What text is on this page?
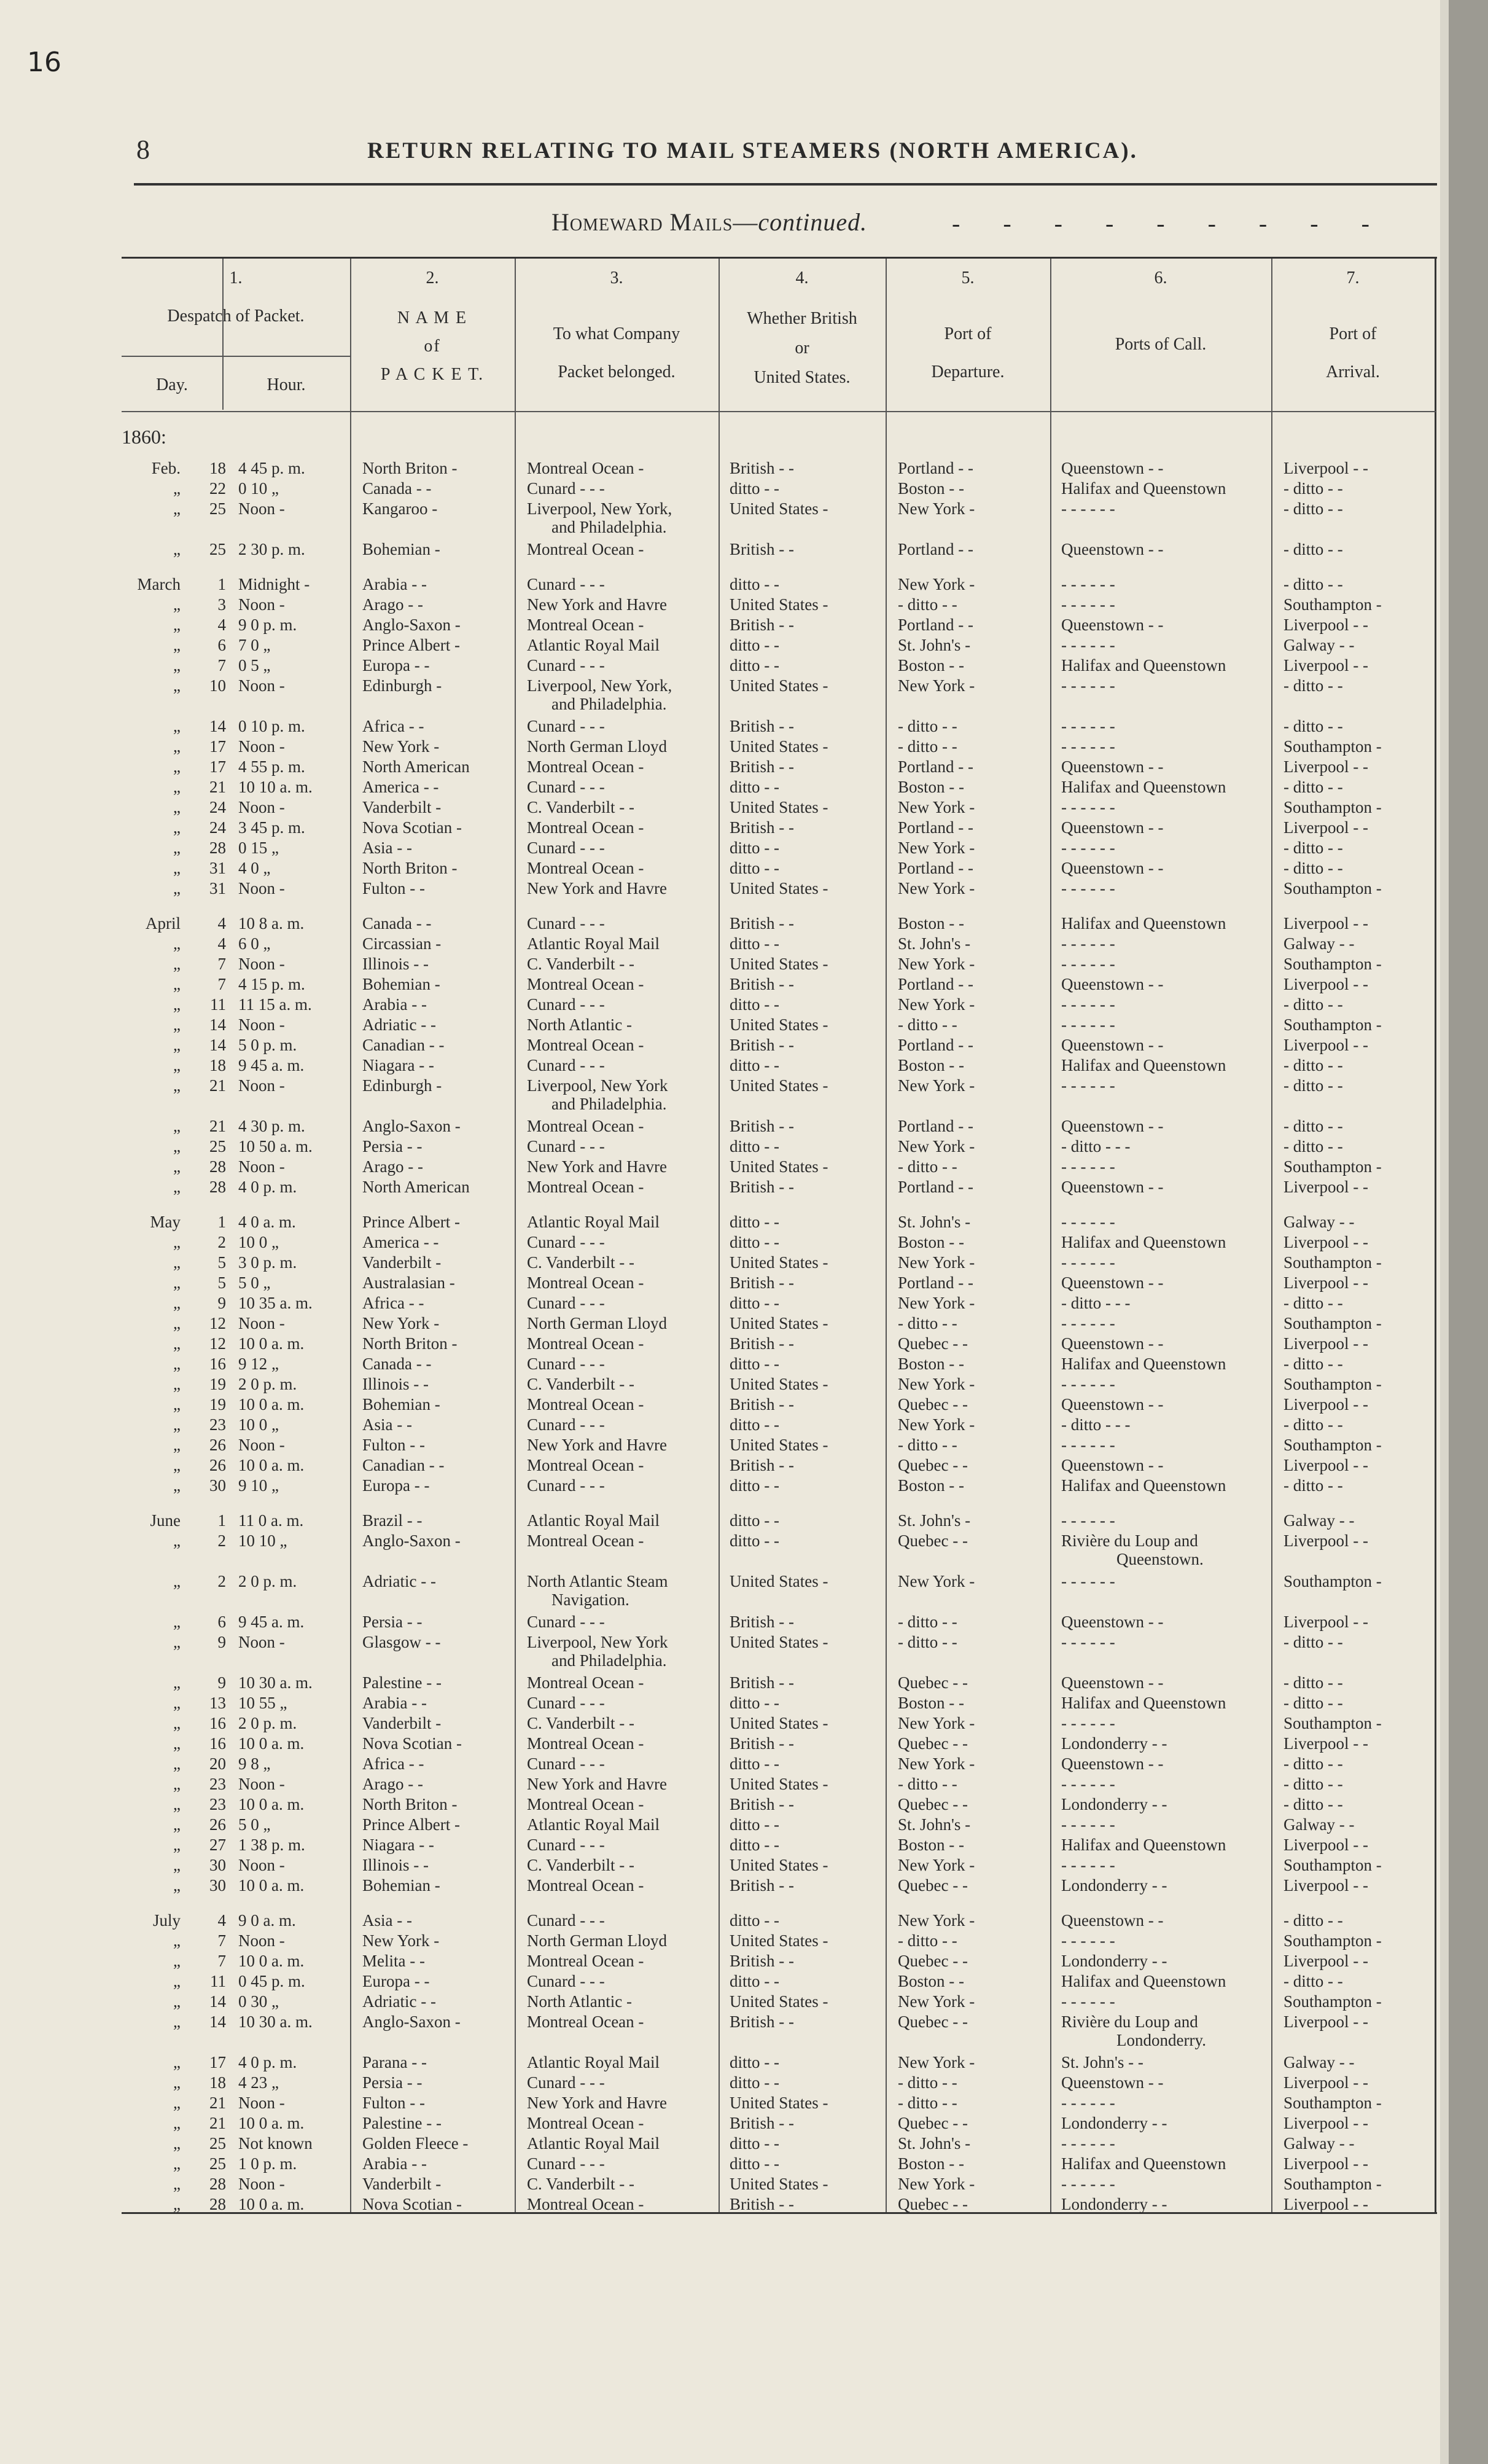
16
8	RETURN RELATING TO MAIL STEAMERS (NORTH AMERICA).
Homeward Mails—continued.	- - - - - - - - -
1.
Despatch of Packet.
Day.	Hour.
2.
N A M E
of
P A C K E T.
3.
To what Company
Packet belonged.
4.
Whether British
or
United States.
5.
Port of
Departure.
6.
Ports of Call.
7.
Port of
Arrival.
1860:
Feb.	18 4 45 p. m.	North Briton -	Montreal Ocean -	British - -	Portland - -	Queenstown - -	Liverpool - -
„	22 0 10 „	Canada - -	Cunard - - -	ditto - -	Boston - -	Halifax and Queenstown	- ditto - -
„	25 Noon -	Kangaroo -	Liverpool, New York,	United States -	New York -	- - - - - -	- ditto - -
and Philadelphia.
„	25 2 30 p. m.	Bohemian -	Montreal Ocean -	British - -	Portland - -	Queenstown - -	- ditto - -
March	1 Midnight -	Arabia - -	Cunard - - -	ditto - -	New York -	- - - - - -	- ditto - -
„	3 Noon -	Arago - -	New York and Havre	United States -	- ditto - -	- - - - - -	Southampton -
„	4 9 0 p. m.	Anglo-Saxon -	Montreal Ocean -	British - -	Portland - -	Queenstown - -	Liverpool - -
„	6 7 0 „	Prince Albert -	Atlantic Royal Mail	ditto - -	St. John's -	- - - - - -	Galway - -
„	7 0 5 „	Europa - -	Cunard - - -	ditto - -	Boston - -	Halifax and Queenstown	Liverpool - -
„	10 Noon -	Edinburgh -	Liverpool, New York,	United States -	New York -	- - - - - -	- ditto - -
and Philadelphia.
„	14 0 10 p. m.	Africa - -	Cunard - - -	British - -	- ditto - -	- - - - - -	- ditto - -
„	17 Noon -	New York -	North German Lloyd	United States -	- ditto - -	- - - - - -	Southampton -
„	17 4 55 p. m.	North American	Montreal Ocean -	British - -	Portland - -	Queenstown - -	Liverpool - -
„	21 10 10 a. m.	America - -	Cunard - - -	ditto - -	Boston - -	Halifax and Queenstown	- ditto - -
„	24 Noon -	Vanderbilt -	C. Vanderbilt - -	United States -	New York -	- - - - - -	Southampton -
„	24 3 45 p. m.	Nova Scotian -	Montreal Ocean -	British - -	Portland - -	Queenstown - -	Liverpool - -
„	28 0 15 „	Asia - -	Cunard - - -	ditto - -	New York -	- - - - - -	- ditto - -
„	31 4 0 „	North Briton -	Montreal Ocean -	ditto - -	Portland - -	Queenstown - -	- ditto - -
„	31 Noon -	Fulton - -	New York and Havre	United States -	New York -	- - - - - -	Southampton -
April	4 10 8 a. m.	Canada - -	Cunard - - -	British - -	Boston - -	Halifax and Queenstown	Liverpool - -
„	4 6 0 „	Circassian -	Atlantic Royal Mail	ditto - -	St. John's -	- - - - - -	Galway - -
„	7 Noon -	Illinois - -	C. Vanderbilt - -	United States -	New York -	- - - - - -	Southampton -
„	7 4 15 p. m.	Bohemian -	Montreal Ocean -	British - -	Portland - -	Queenstown - -	Liverpool - -
„	11 11 15 a. m.	Arabia - -	Cunard - - -	ditto - -	New York -	- - - - - -	- ditto - -
„	14 Noon -	Adriatic - -	North Atlantic -	United States -	- ditto - -	- - - - - -	Southampton -
„	14 5 0 p. m.	Canadian - -	Montreal Ocean -	British - -	Portland - -	Queenstown - -	Liverpool - -
„	18 9 45 a. m.	Niagara - -	Cunard - - -	ditto - -	Boston - -	Halifax and Queenstown	- ditto - -
„	21 Noon -	Edinburgh -	Liverpool, New York	United States -	New York -	- - - - - -	- ditto - -
and Philadelphia.
„	21 4 30 p. m.	Anglo-Saxon -	Montreal Ocean -	British - -	Portland - -	Queenstown - -	- ditto - -
„	25 10 50 a. m.	Persia - -	Cunard - - -	ditto - -	New York -	- ditto - - -	- ditto - -
„	28 Noon -	Arago - -	New York and Havre	United States -	- ditto - -	- - - - - -	Southampton -
„	28 4 0 p. m.	North American	Montreal Ocean -	British - -	Portland - -	Queenstown - -	Liverpool - -
May	1 4 0 a. m.	Prince Albert -	Atlantic Royal Mail	ditto - -	St. John's -	- - - - - -	Galway - -
„	2 10 0 „	America - -	Cunard - - -	ditto - -	Boston - -	Halifax and Queenstown	Liverpool - -
„	5 3 0 p. m.	Vanderbilt -	C. Vanderbilt - -	United States -	New York -	- - - - - -	Southampton -
„	5 5 0 „	Australasian -	Montreal Ocean -	British - -	Portland - -	Queenstown - -	Liverpool - -
„	9 10 35 a. m.	Africa - -	Cunard - - -	ditto - -	New York -	- ditto - - -	- ditto - -
„	12 Noon -	New York -	North German Lloyd	United States -	- ditto - -	- - - - - -	Southampton -
„	12 10 0 a. m.	North Briton -	Montreal Ocean -	British - -	Quebec - -	Queenstown - -	Liverpool - -
„	16 9 12 „	Canada - -	Cunard - - -	ditto - -	Boston - -	Halifax and Queenstown	- ditto - -
„	19 2 0 p. m.	Illinois - -	C. Vanderbilt - -	United States -	New York -	- - - - - -	Southampton -
„	19 10 0 a. m.	Bohemian -	Montreal Ocean -	British - -	Quebec - -	Queenstown - -	Liverpool - -
„	23 10 0 „	Asia - -	Cunard - - -	ditto - -	New York -	- ditto - - -	- ditto - -
„	26 Noon -	Fulton - -	New York and Havre	United States -	- ditto - -	- - - - - -	Southampton -
„	26 10 0 a. m.	Canadian - -	Montreal Ocean -	British - -	Quebec - -	Queenstown - -	Liverpool - -
„	30 9 10 „	Europa - -	Cunard - - -	ditto - -	Boston - -	Halifax and Queenstown	- ditto - -
June	1 11 0 a. m.	Brazil - -	Atlantic Royal Mail	ditto - -	St. John's -	- - - - - -	Galway - -
„	2 10 10 „	Anglo-Saxon -	Montreal Ocean -	ditto - -	Quebec - -	Rivière du Loup and	Liverpool - -
Queenstown.
„	2 2 0 p. m.	Adriatic - -	North Atlantic Steam	United States -	New York -	- - - - - -	Southampton -
Navigation.
„	6 9 45 a. m.	Persia - -	Cunard - - -	British - -	- ditto - -	Queenstown - -	Liverpool - -
„	9 Noon -	Glasgow - -	Liverpool, New York	United States -	- ditto - -	- - - - - -	- ditto - -
and Philadelphia.
„	9 10 30 a. m.	Palestine - -	Montreal Ocean -	British - -	Quebec - -	Queenstown - -	- ditto - -
„	13 10 55 „	Arabia - -	Cunard - - -	ditto - -	Boston - -	Halifax and Queenstown	- ditto - -
„	16 2 0 p. m.	Vanderbilt -	C. Vanderbilt - -	United States -	New York -	- - - - - -	Southampton -
„	16 10 0 a. m.	Nova Scotian -	Montreal Ocean -	British - -	Quebec - -	Londonderry - -	Liverpool - -
„	20 9 8 „	Africa - -	Cunard - - -	ditto - -	New York -	Queenstown - -	- ditto - -
„	23 Noon -	Arago - -	New York and Havre	United States -	- ditto - -	- - - - - -	- ditto - -
„	23 10 0 a. m.	North Briton -	Montreal Ocean -	British - -	Quebec - -	Londonderry - -	- ditto - -
„	26 5 0 „	Prince Albert -	Atlantic Royal Mail	ditto - -	St. John's -	- - - - - -	Galway - -
„	27 1 38 p. m.	Niagara - -	Cunard - - -	ditto - -	Boston - -	Halifax and Queenstown	Liverpool - -
„	30 Noon -	Illinois - -	C. Vanderbilt - -	United States -	New York -	- - - - - -	Southampton -
„	30 10 0 a. m.	Bohemian -	Montreal Ocean -	British - -	Quebec - -	Londonderry - -	Liverpool - -
July	4 9 0 a. m.	Asia - -	Cunard - - -	ditto - -	New York -	Queenstown - -	- ditto - -
„	7 Noon -	New York -	North German Lloyd	United States -	- ditto - -	- - - - - -	Southampton -
„	7 10 0 a. m.	Melita - -	Montreal Ocean -	British - -	Quebec - -	Londonderry - -	Liverpool - -
„	11 0 45 p. m.	Europa - -	Cunard - - -	ditto - -	Boston - -	Halifax and Queenstown	- ditto - -
„	14 0 30 „	Adriatic - -	North Atlantic -	United States -	New York -	- - - - - -	Southampton -
„	14 10 30 a. m.	Anglo-Saxon -	Montreal Ocean -	British - -	Quebec - -	Rivière du Loup and	Liverpool - -
Londonderry.
„	17 4 0 p. m.	Parana - -	Atlantic Royal Mail	ditto - -	New York -	St. John's - -	Galway - -
„	18 4 23 „	Persia - -	Cunard - - -	ditto - -	- ditto - -	Queenstown - -	Liverpool - -
„	21 Noon -	Fulton - -	New York and Havre	United States -	- ditto - -	- - - - - -	Southampton -
„	21 10 0 a. m.	Palestine - -	Montreal Ocean -	British - -	Quebec - -	Londonderry - -	Liverpool - -
„	25 Not known	Golden Fleece -	Atlantic Royal Mail	ditto - -	St. John's -	- - - - - -	Galway - -
„	25 1 0 p. m.	Arabia - -	Cunard - - -	ditto - -	Boston - -	Halifax and Queenstown	Liverpool - -
„	28 Noon -	Vanderbilt -	C. Vanderbilt - -	United States -	New York -	- - - - - -	Southampton -
„	28 10 0 a. m.	Nova Scotian -	Montreal Ocean -	British - -	Quebec - -	Londonderry - -	Liverpool - -
